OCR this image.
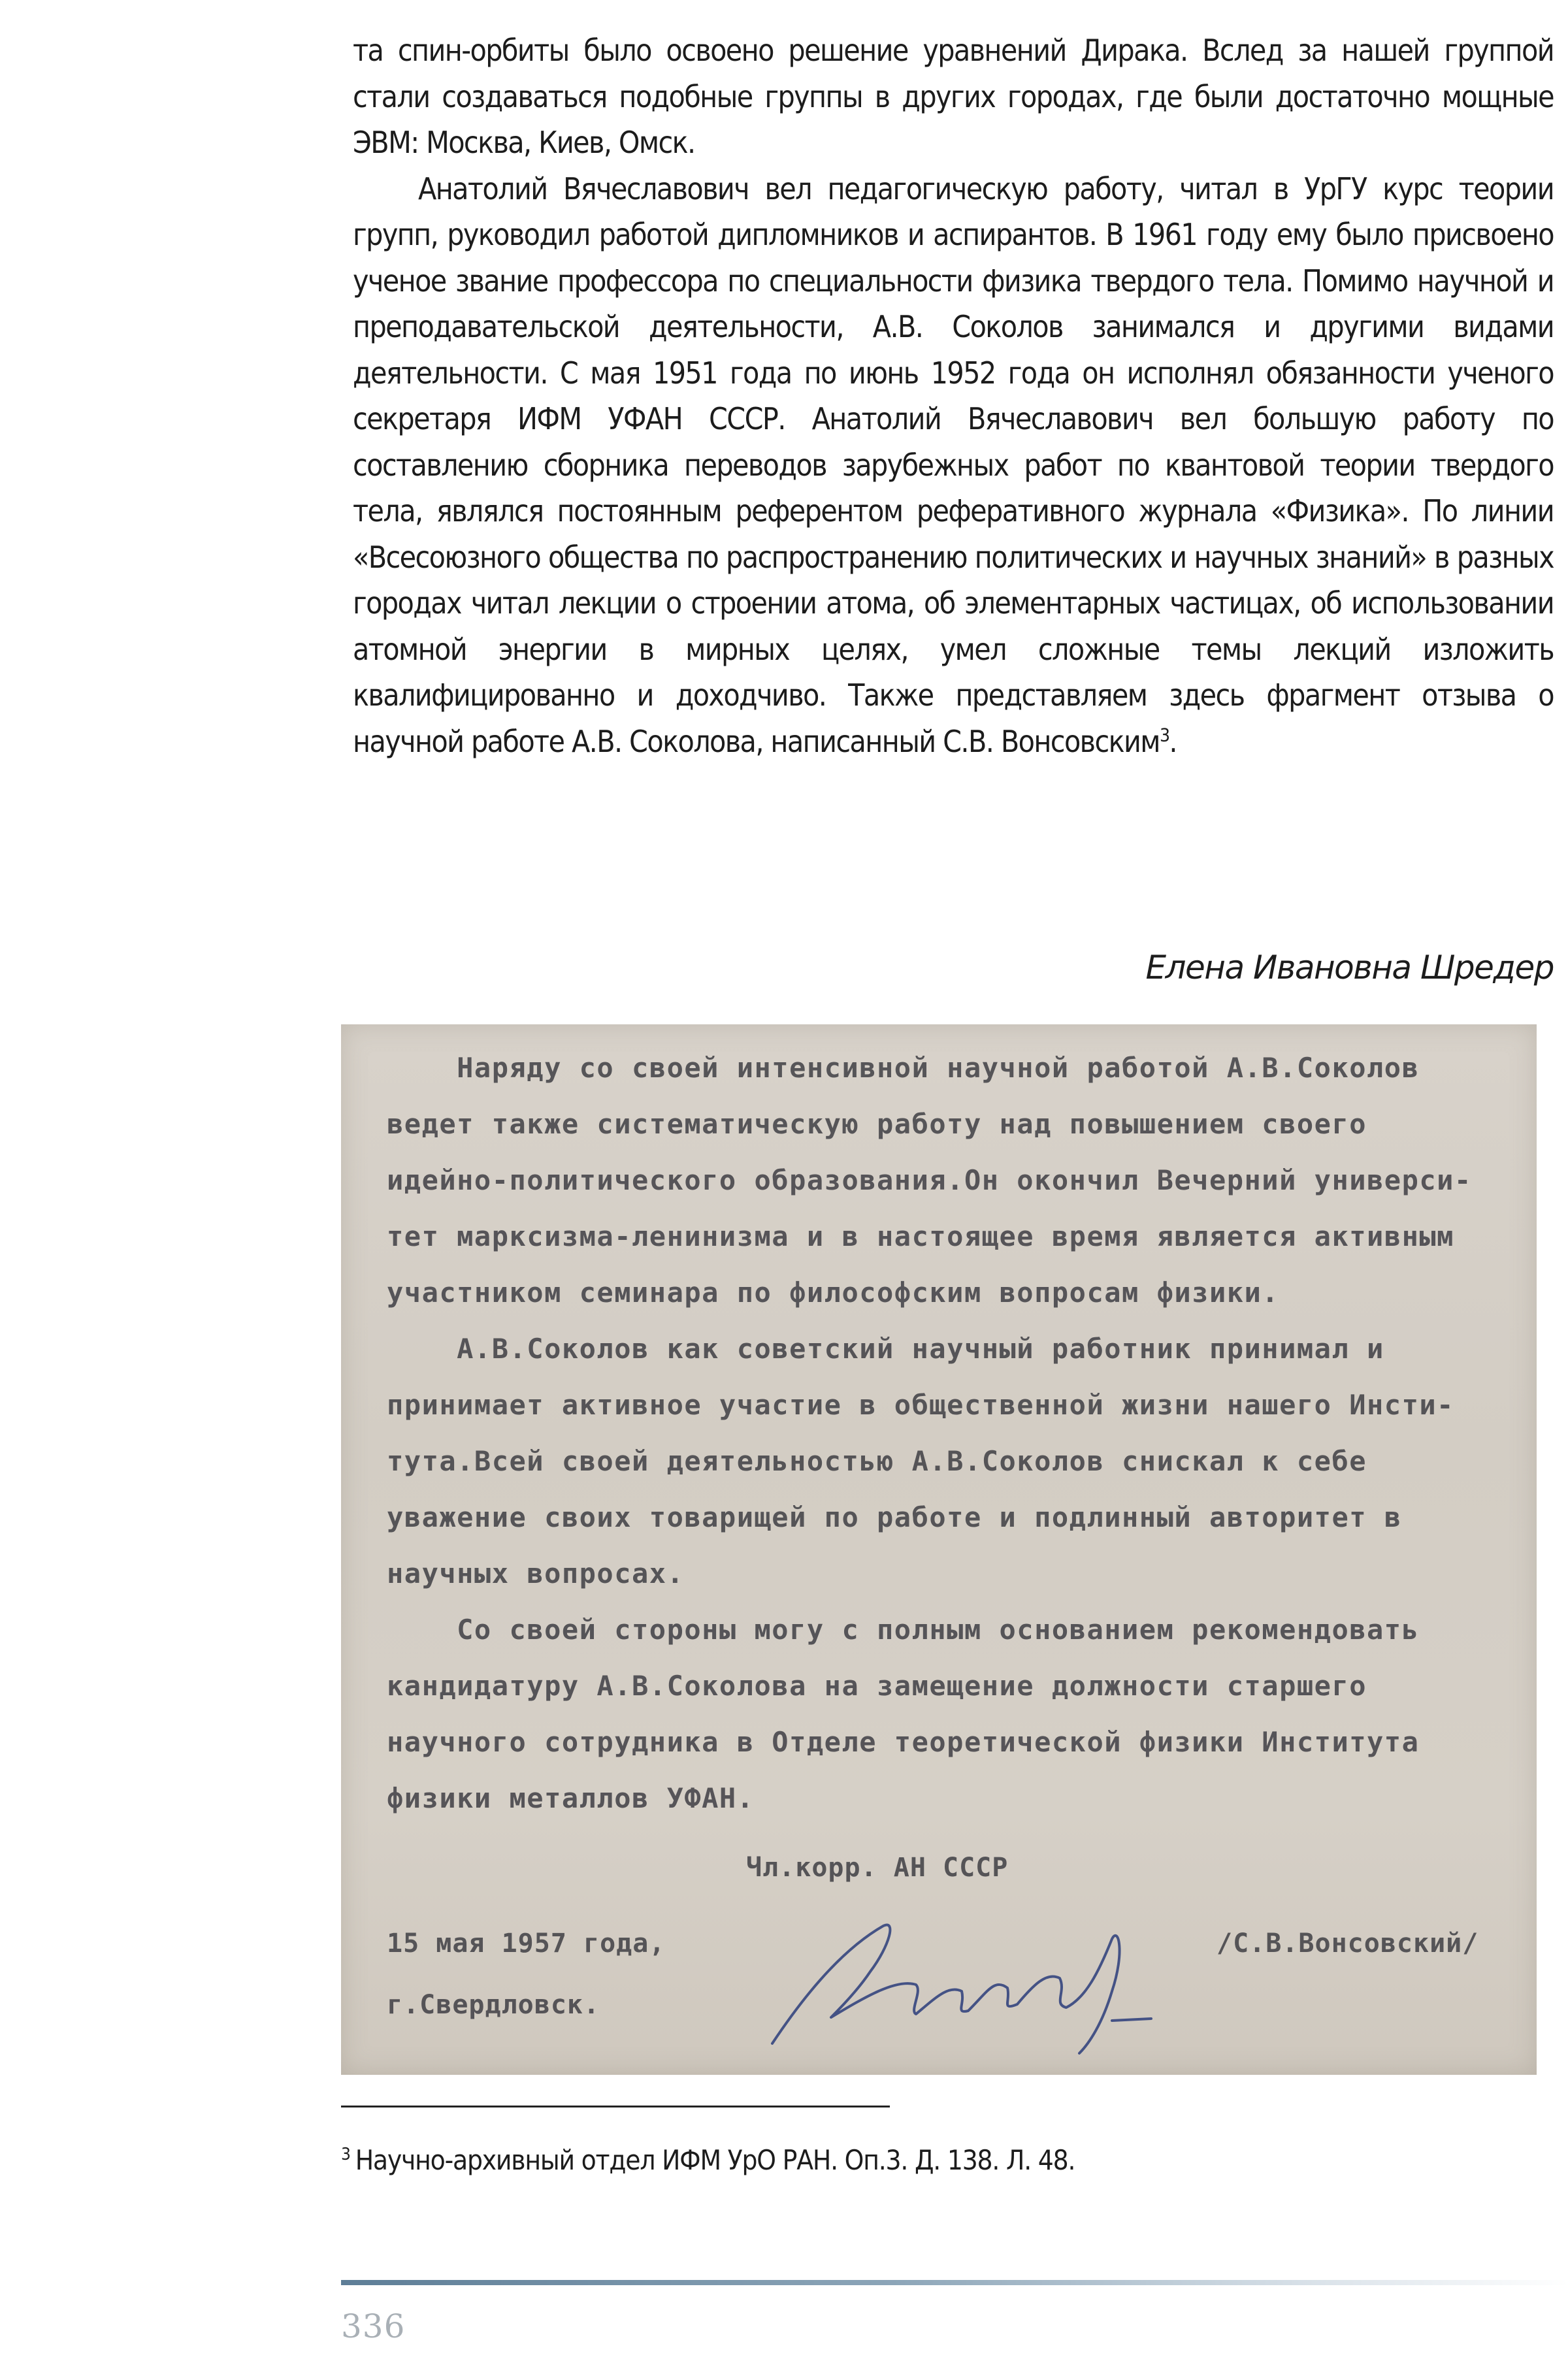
та спин-орбиты было освоено решение уравнений Дирака. Вслед за нашей группой стали создаваться подобные группы в других городах, где были достаточно мощные ЭВМ: Москва, Киев, Омск.

Анатолий Вячеславович вел педагогическую работу, читал в УрГУ курс теории групп, руководил работой дипломников и аспирантов. В 1961 году ему было присвоено ученое звание профессора по специальности физика твердого тела. Помимо научной и преподавательской деятельности, А.В. Соколов занимался и другими видами деятельности. С мая 1951 года по июнь 1952 года он исполнял обязанности ученого секретаря ИФМ УФАН СССР. Анатолий Вячеславович вел большую работу по составлению сборника переводов зарубежных работ по квантовой теории твердого тела, являлся постоянным референтом реферативного журнала «Физика». По линии «Всесоюзного общества по распространению политических и научных знаний» в разных городах читал лекции о строении атома, об элементарных частицах, об использовании атомной энергии в мирных целях, умел сложные темы лекций изложить квалифицированно и доходчиво. Также представляем здесь фрагмент отзыва о научной работе А.В. Соколова, написанный С.В. Вонсовским$^3$.

Елена Ивановна Шредер
Наряду со своей интенсивной научной работой А.В.Соколов
ведет также систематическую работу над повышением своего
идейно-политического образования.Он окончил Вечерний универси-
тет марксизма-ленинизма и в настоящее время является активным
участником семинара по философским вопросам физики.
А.В.Соколов как советский научный работник принимал и
принимает активное участие в общественной жизни нашего Инсти-
тута.Всей своей деятельностью А.В.Соколов снискал к себе
уважение своих товарищей по работе и подлинный авторитет в
научных вопросах.
Со своей стороны могу с полным основанием рекомендовать
кандидатуру А.В.Соколова на замещение должности старшего
научного сотрудника в Отделе теоретической физики Института
физики металлов УФАН.
Чл.корр. АН СССР
15 мая 1957 года,	/С.В.Вонсовский/
г.Свердловск.
$^3$ Научно-архивный отдел ИФМ УрО РАН. Оп.3. Д. 138. Л. 48.
336
